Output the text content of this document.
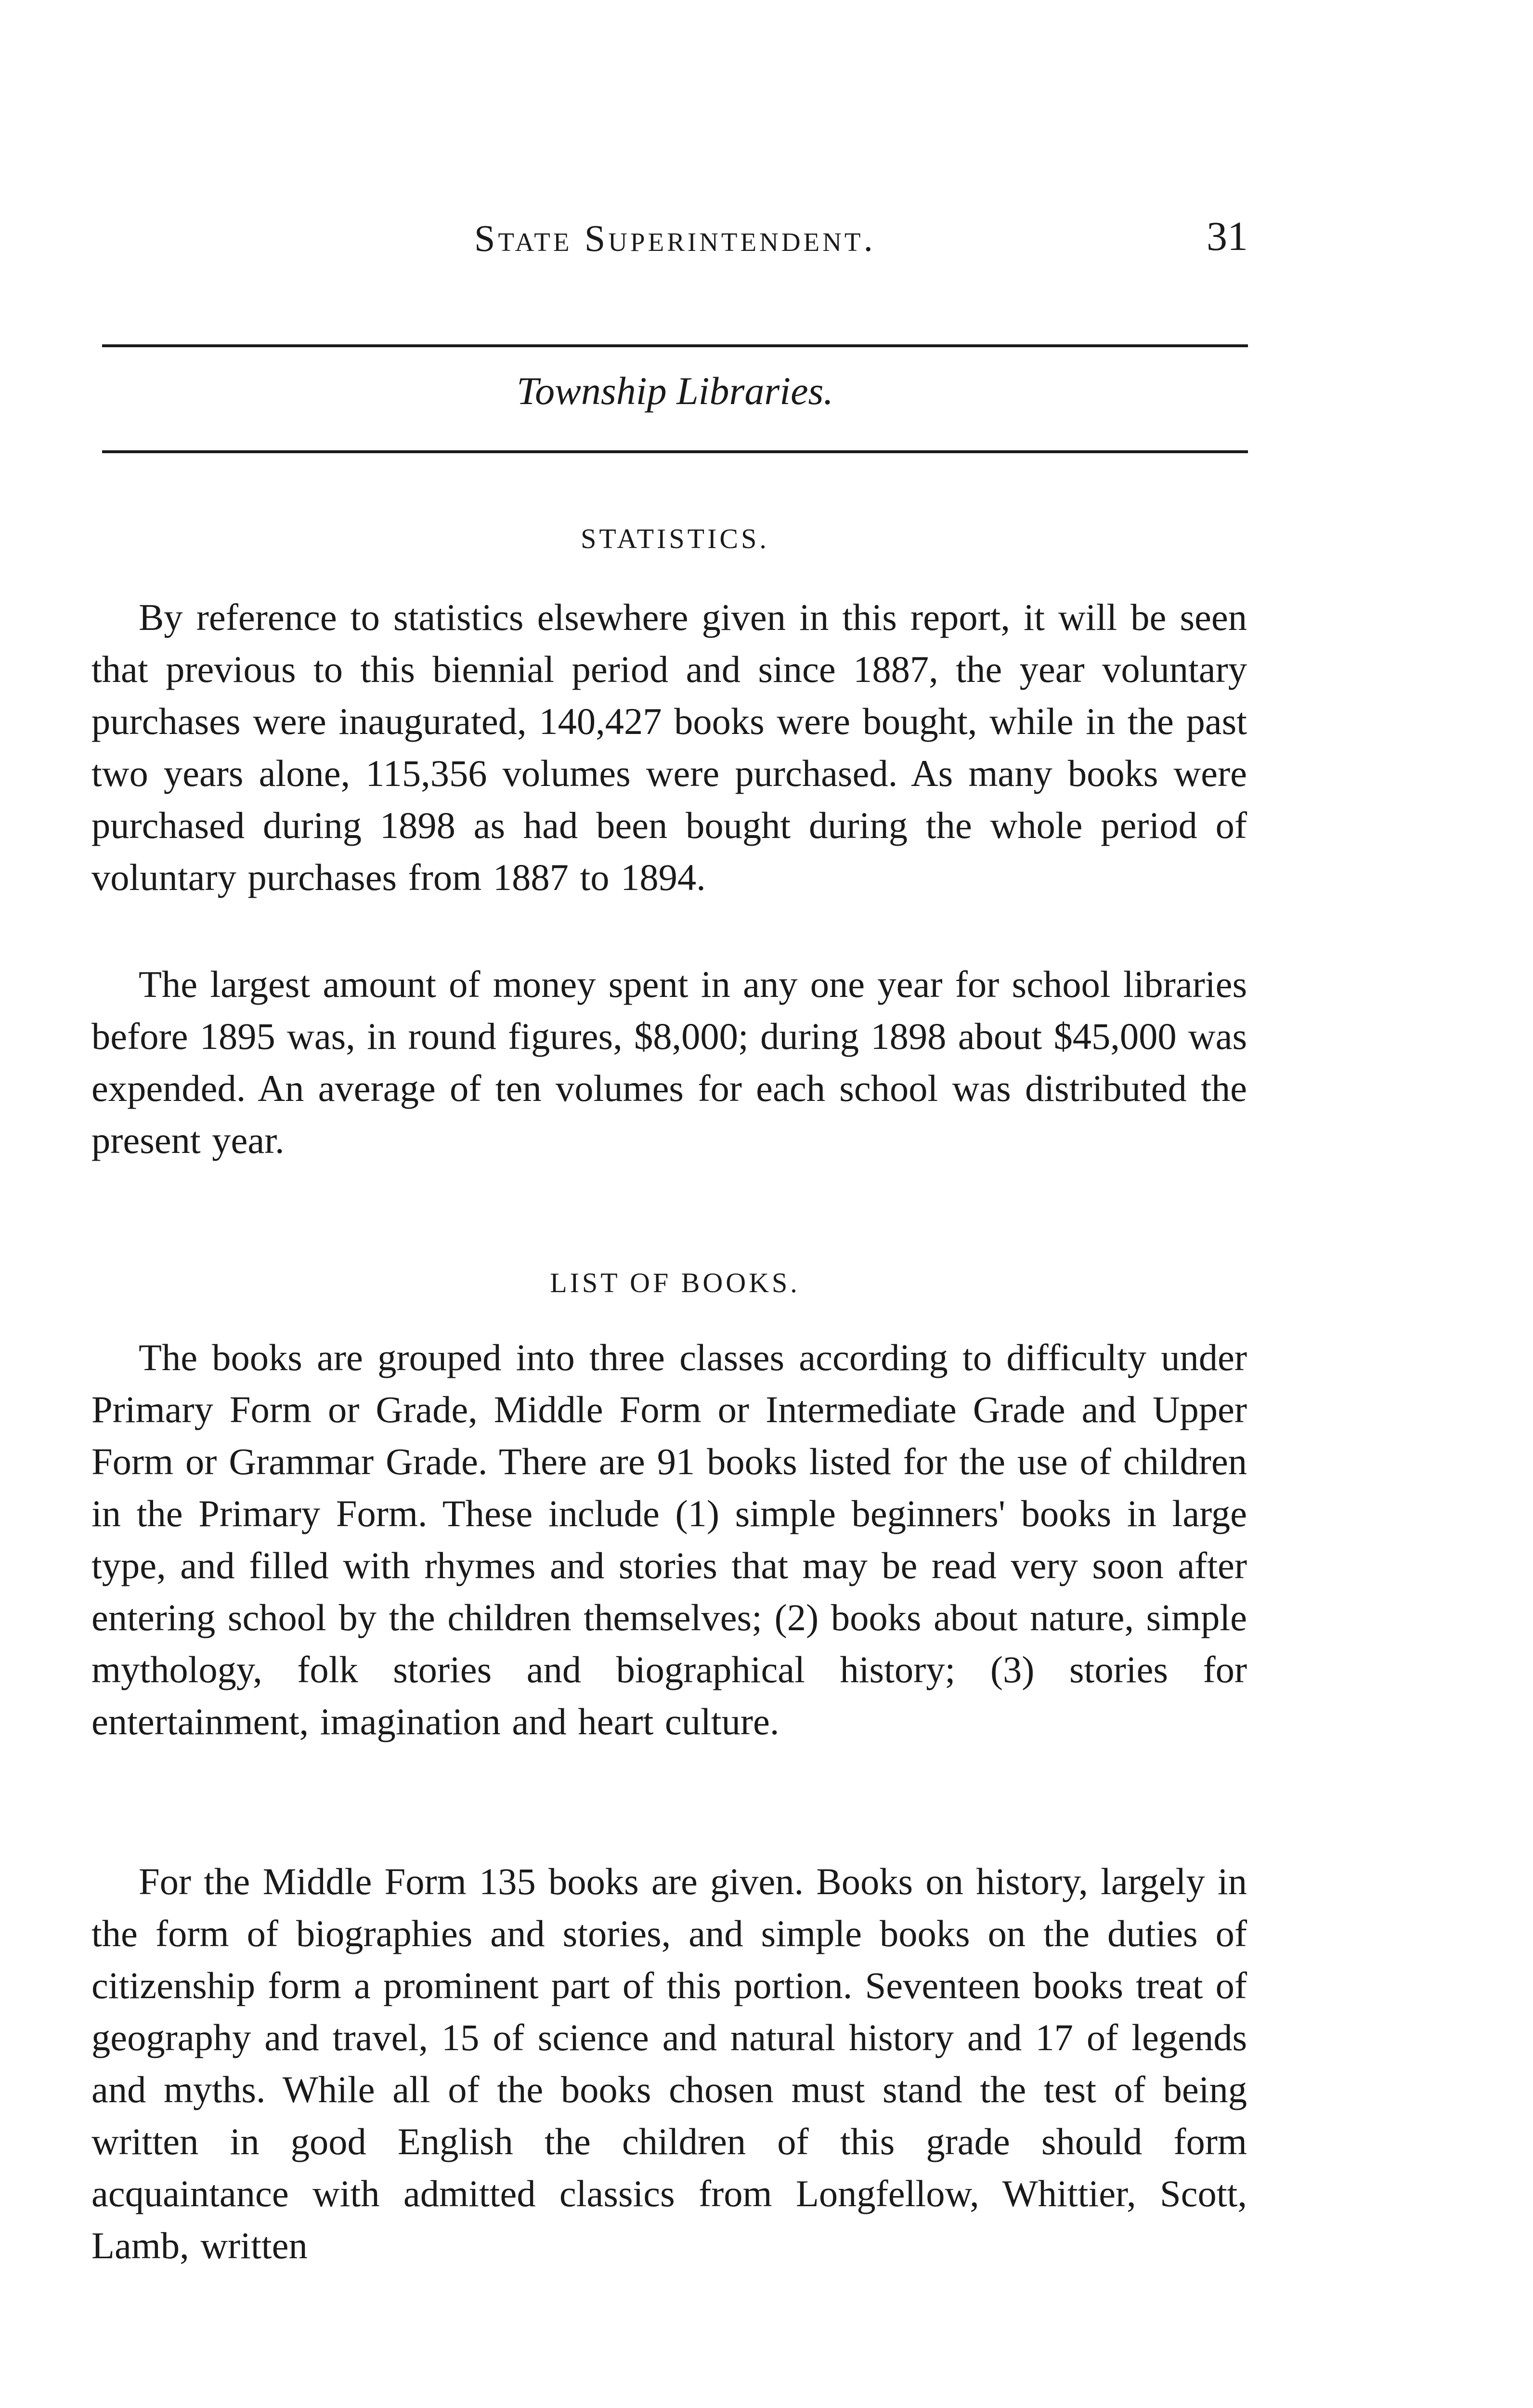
State Superintendent.	31
Township Libraries.
STATISTICS.

By reference to statistics elsewhere given in this report, it will be seen that previous to this biennial period and since 1887, the year voluntary purchases were inaugurated, 140,427 books were bought, while in the past two years alone, 115,356 volumes were purchased. As many books were purchased during 1898 as had been bought during the whole period of voluntary purchases from 1887 to 1894.

The largest amount of money spent in any one year for school libraries before 1895 was, in round figures, $8,000; during 1898 about $45,000 was expended. An average of ten volumes for each school was distributed the present year.

LIST OF BOOKS.

The books are grouped into three classes according to difficulty under Primary Form or Grade, Middle Form or Intermediate Grade and Upper Form or Grammar Grade. There are 91 books listed for the use of children in the Primary Form. These include (1) simple beginners' books in large type, and filled with rhymes and stories that may be read very soon after entering school by the children themselves; (2) books about nature, simple mythology, folk stories and biographical history; (3) stories for entertainment, imagination and heart culture.

For the Middle Form 135 books are given. Books on history, largely in the form of biographies and stories, and simple books on the duties of citizenship form a prominent part of this portion. Seventeen books treat of geography and travel, 15 of science and natural history and 17 of legends and myths. While all of the books chosen must stand the test of being written in good English the children of this grade should form acquaintance with admitted classics from Longfellow, Whittier, Scott, Lamb, written
